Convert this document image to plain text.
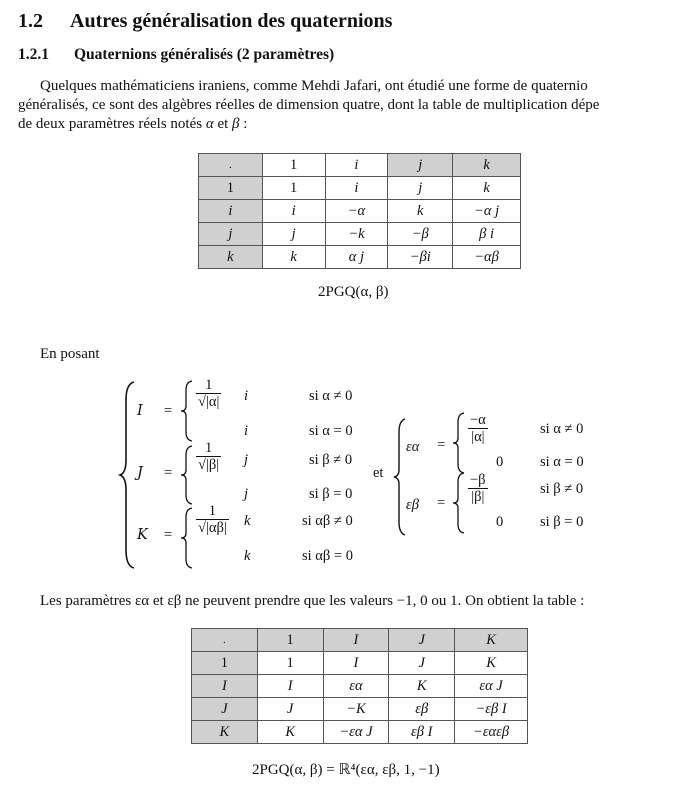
1.2 Autres généralisation des quaternions
1.2.1 Quaternions généralisés (2 paramètres)
Quelques mathématiciens iraniens, comme Mehdi Jafari, ont étudié une forme de quaternio
généralisés, ce sont des algèbres réelles de dimension quatre, dont la table de multiplication dépe
de deux paramètres réels notés α et β :
.	1	i	j	k
1	1	i	j	k
i	i	−α	k	−α j
j	j	−k	−β	β i
k	k	α j	−βi	−αβ
2PGQ(α, β)
En posant
I =
$\frac{1}{√|\alpha|}$ i	si α ≠ 0
i	si α = 0
$J = \frac{1}{√|\beta|}$ j	si β ≠ 0
j	si β = 0
$K = \frac{1}{√|\alpha\beta|}$ k	si αβ ≠ 0
k	si αβ = 0
et
$\varepsilon\alpha = \frac{-\alpha}{|\alpha|}$	si α ≠ 0
0	si α = 0
$\varepsilon\beta = \frac{-\beta}{|\beta|}$	si β ≠ 0
0	si β = 0
Les paramètres εα et εβ ne peuvent prendre que les valeurs −1, 0 ou 1. On obtient la table :
.	1	I	J	K
1	1	I	J	K
I	I	εα	K	εα J
J	J	−K	εβ	−εβ I
K	K	−εα J	εβ I	−εαεβ
2PGQ(α, β) = ℝ⁴(εα, εβ, 1, −1)
